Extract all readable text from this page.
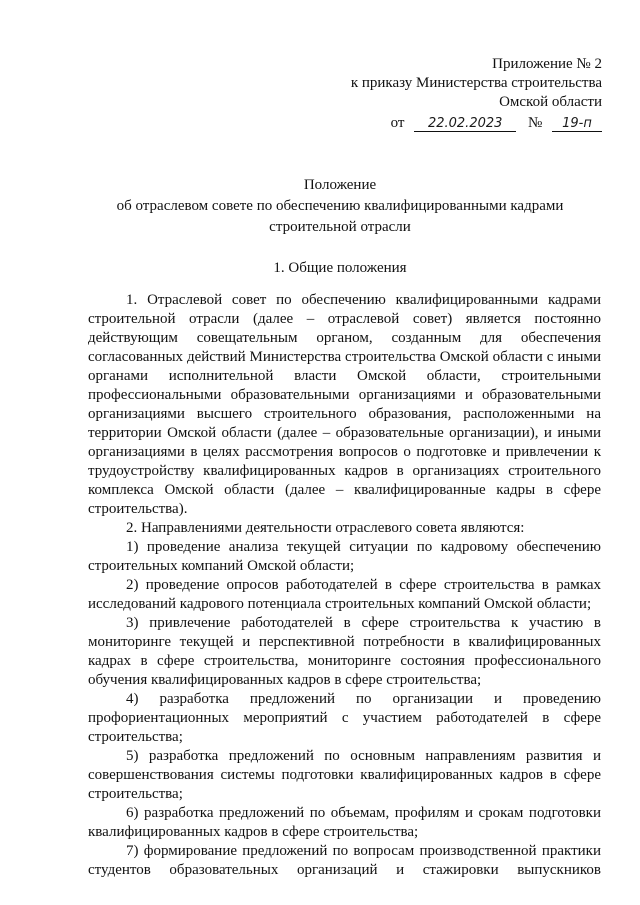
Приложение № 2
к приказу Министерства строительства
Омской области
от 22.02.2023 № 19-п
Положение
об отраслевом совете по обеспечению квалифицированными кадрами
строительной отрасли
1. Общие положения

1. Отраслевой совет по обеспечению квалифицированными кадрами строительной отрасли (далее – отраслевой совет) является постоянно действующим совещательным органом, созданным для обеспечения согласованных действий Министерства строительства Омской области с иными органами исполнительной власти Омской области, строительными профессиональными образовательными организациями и образовательными организациями высшего строительного образования, расположенными на территории Омской области (далее – образовательные организации), и иными организациями в целях рассмотрения вопросов о подготовке и привлечении к трудоустройству квалифицированных кадров в организациях строительного комплекса Омской области (далее – квалифицированные кадры в сфере строительства).

2. Направлениями деятельности отраслевого совета являются:

1) проведение анализа текущей ситуации по кадровому обеспечению строительных компаний Омской области;

2) проведение опросов работодателей в сфере строительства в рамках исследований кадрового потенциала строительных компаний Омской области;

3) привлечение работодателей в сфере строительства к участию в мониторинге текущей и перспективной потребности в квалифицированных кадрах в сфере строительства, мониторинге состояния профессионального обучения квалифицированных кадров в сфере строительства;

4) разработка предложений по организации и проведению профориентационных мероприятий с участием работодателей в сфере строительства;

5) разработка предложений по основным направлениям развития и совершенствования системы подготовки квалифицированных кадров в сфере строительства;

6) разработка предложений по объемам, профилям и срокам подготовки квалифицированных кадров в сфере строительства;

7) формирование предложений по вопросам производственной практики студентов образовательных организаций и стажировки выпускников
